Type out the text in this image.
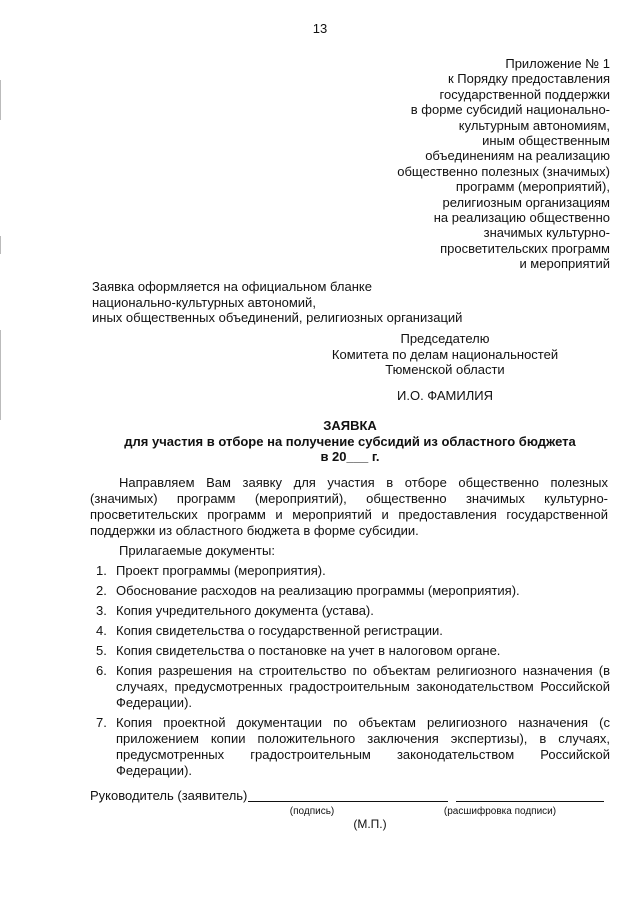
13
Приложение № 1
к Порядку предоставления
государственной поддержки
в форме субсидий национально-
культурным автономиям,
иным общественным
объединениям на реализацию
общественно полезных (значимых)
программ (мероприятий),
религиозным организациям
на реализацию общественно
значимых культурно-
просветительских программ
и мероприятий
Заявка оформляется на официальном бланке
национально-культурных автономий,
иных общественных объединений, религиозных организаций
Председателю
Комитета по делам национальностей
Тюменской области
И.О. ФАМИЛИЯ
ЗАЯВКА
для участия в отборе на получение субсидий из областного бюджета
в 20___ г.
Направляем Вам заявку для участия в отборе общественно полезных (значимых) программ (мероприятий), общественно значимых культурно-просветительских программ и мероприятий и предоставления государственной поддержки из областного бюджета в форме субсидии.
Прилагаемые документы:
1. Проект программы (мероприятия).
2. Обоснование расходов на реализацию программы (мероприятия).
3. Копия учредительного документа (устава).
4. Копия свидетельства о государственной регистрации.
5. Копия свидетельства о постановке на учет в налоговом органе.
6. Копия разрешения на строительство по объектам религиозного назначения (в случаях, предусмотренных градостроительным законодательством Российской Федерации).
7. Копия проектной документации по объектам религиозного назначения (с приложением копии положительного заключения экспертизы), в случаях, предусмотренных градостроительным законодательством Российской Федерации).
Руководитель (заявитель)
(подпись)	(расшифровка подписи)
(М.П.)
